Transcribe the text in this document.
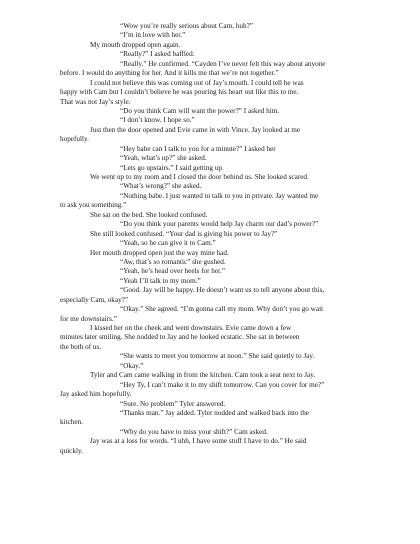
“Wow you’re really serious about Cam, huh?”
“I’m in love with her.”
My mouth dropped open again.
“Really?” I asked baffled.
“Really.” He confirmed. “Cayden I’ve never felt this way about anyone
before. I would do anything for her. And it kills me that we’re not together.”
I could not believe this was coming out of Jay’s mouth. I could tell he was
happy with Cam but I couldn’t believe he was pouring his heart out like this to me.
That was not Jay’s style.
“Do you think Cam will want the power?” I asked him.
“I don’t know. I hope so.”
Just then the door opened and Evie came in with Vince. Jay looked at me
hopefully.
“Hey babe can I talk to you for a minute?” I asked her
“Yeah, what’s up?” she asked.
“Lets go upstairs.” I said getting up.
We went up to my room and I closed the door behind us. She looked scared.
“What’s wrong?” she asked.
“Nothing babe. I just wanted to talk to you in private. Jay wanted me
to ask you something.”
She sat on the bed. She looked confused.
“Do you think your parents would help Jay charm our dad’s power?”
She still looked confused. “Your dad is giving his power to Jay?”
“Yeah, so he can give it to Cam.”
Her mouth dropped open just the way mine had.
“Aw, that’s so romantic” she gushed.
“Yeah, he’s head over heels for her.”
“Yeah I’ll talk to my mom.”
“Good. Jay will be happy. He doesn’t want us to tell anyone about this,
especially Cam, okay?”
“Okay.” She agreed. “I’m gonna call my mom. Why don’t you go wait
for me downstairs.”
I kissed her on the cheek and went downstairs. Evie came down a few
minutes later smiling. She nodded to Jay and he looked ecstatic. She sat in between
the both of us.
“She wants to meet you tomorrow at noon.” She said quietly to Jay.
“Okay.”
Tyler and Cam came walking in from the kitchen. Cam took a seat next to Jay.
“Hey Ty, I can’t make it to my shift tomorrow. Can you cover for me?”
Jay asked him hopefully.
“Sure. No problem” Tyler answered.
“Thanks man.” Jay added. Tyler nodded and walked back into the
kitchen.
“Why do you have to miss your shift?” Cam asked.
Jay was at a loss for words. “I uhh, I have some stuff I have to do.” He said
quickly.
